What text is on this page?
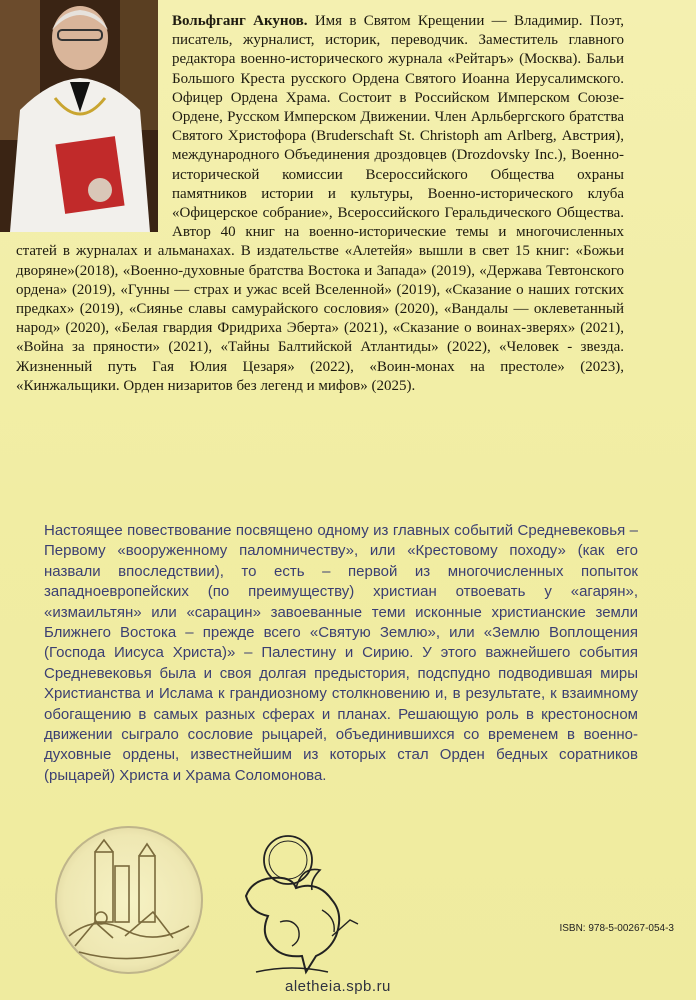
Вольфганг Акунов. Имя в Святом Крещении — Владимир. Поэт, писатель, журналист, историк, переводчик. Заместитель главного редактора военно-исторического журнала «Рейтаръ» (Москва). Бальи Большого Креста русского Ордена Святого Иоанна Иерусалимского. Офицер Ордена Храма. Состоит в Российском Имперском Союзе-Ордене, Русском Имперском Движении. Член Арльбергского братства Святого Христофора (Bruderschaft St. Christoph am Arlberg, Австрия), международного Объединения дроздовцев (Drozdovsky Inc.), Военно-исторической комиссии Всероссийского Общества охраны памятников истории и культуры, Военно-исторического клуба «Офицерское собрание», Всероссийского Геральдического Общества. Автор 40 книг на военно-исторические темы и многочисленных статей в журналах и альманахах. В издательстве «Алетейя» вышли в свет 15 книг: «Божьи дворяне»(2018), «Военно-духовные братства Востока и Запада» (2019), «Держава Тевтонского ордена» (2019), «Гунны — страх и ужас всей Вселенной» (2019), «Сказание о наших готских предках» (2019), «Сиянье славы самурайского сословия» (2020), «Вандалы — оклеветанный народ» (2020), «Белая гвардия Фридриха Эберта» (2021), «Сказание о воинах-зверях» (2021), «Война за пряности» (2021), «Тайны Балтийской Атлантиды» (2022), «Человек - звезда. Жизненный путь Гая Юлия Цезаря» (2022), «Воин-монах на престоле» (2023), «Кинжальщики. Орден низаритов без легенд и мифов» (2025).
Настоящее повествование посвящено одному из главных событий Средневековья – Первому «вооруженному паломничеству», или «Крестовому походу» (как его назвали впоследствии), то есть – первой из многочисленных попыток западноевропейских (по преимуществу) христиан отвоевать у «агарян», «измаильтян» или «сарацин» завоеванные теми исконные христианские земли Ближнего Востока – прежде всего «Святую Землю», или «Землю Воплощения (Господа Иисуса Христа)» – Палестину и Сирию. У этого важнейшего события Средневековья была и своя долгая предыстория, подспудно подводившая миры Христианства и Ислама к грандиозному столкновению и, в результате, к взаимному обогащению в самых разных сферах и планах. Решающую роль в крестоносном движении сыграло сословие рыцарей, объединившихся со временем в военно-духовные ордены, известнейшим из которых стал Орден бедных соратников (рыцарей) Христа и Храма Соломонова.
ISBN: 978-5-00267-054-3
aletheia.spb.ru
